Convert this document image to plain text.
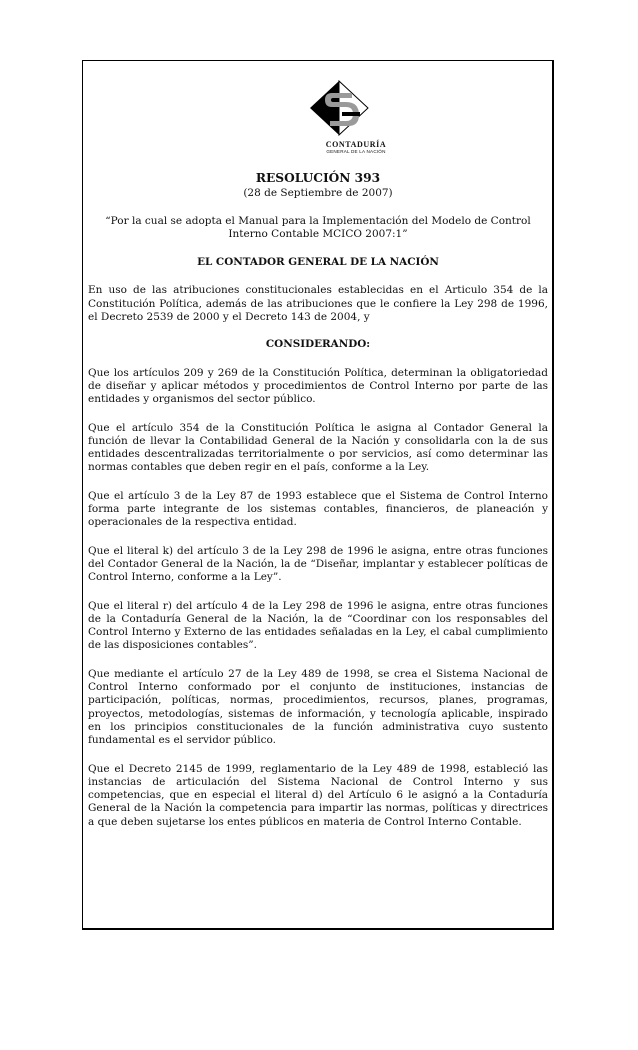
CONTADURÍA
GENERAL DE LA NACIÓN
RESOLUCIÓN 393
(28 de Septiembre de 2007)
“Por la cual se adopta el Manual para la Implementación del Modelo de Control Interno Contable MCICO 2007:1”
EL CONTADOR GENERAL DE LA NACIÓN
En uso de las atribuciones constitucionales establecidas en el Articulo 354 de la Constitución Política, además de las atribuciones que le confiere la Ley 298 de 1996, el Decreto 2539 de 2000 y el Decreto 143 de 2004, y
CONSIDERANDO:
Que los artículos 209 y 269 de la Constitución Política, determinan la obligatoriedad de diseñar y aplicar métodos y procedimientos de Control Interno por parte de las entidades y organismos del sector público.
Que el artículo 354 de la Constitución Política le asigna al Contador General la función de llevar la Contabilidad General de la Nación y consolidarla con la de sus entidades descentralizadas territorialmente o por servicios, así como determinar las normas contables que deben regir en el país, conforme a la Ley.
Que el artículo 3 de la Ley 87 de 1993 establece que el Sistema de Control Interno forma parte integrante de los sistemas contables, financieros, de planeación y operacionales de la respectiva entidad.
Que el literal k) del artículo 3 de la Ley 298 de 1996 le asigna, entre otras funciones del Contador General de la Nación, la de “Diseñar, implantar y establecer políticas de Control Interno, conforme a la Ley”.
Que el literal r) del artículo 4 de la Ley 298 de 1996 le asigna, entre otras funciones de la Contaduría General de la Nación, la de “Coordinar con los responsables del Control Interno y Externo de las entidades señaladas en la Ley, el cabal cumplimiento de las disposiciones contables”.
Que mediante el artículo 27 de la Ley 489 de 1998, se crea el Sistema Nacional de Control Interno conformado por el conjunto de instituciones, instancias de participación, políticas, normas, procedimientos, recursos, planes, programas, proyectos, metodologías, sistemas de información, y tecnología aplicable, inspirado en los principios constitucionales de la función administrativa cuyo sustento fundamental es el servidor público.
Que el Decreto 2145 de 1999, reglamentario de la Ley 489 de 1998, estableció las instancias de articulación del Sistema Nacional de Control Interno y sus competencias, que en especial el literal d) del Artículo 6 le asignó a la Contaduría General de la Nación la competencia para impartir las normas, políticas y directrices a que deben sujetarse los entes públicos en materia de Control Interno Contable.
